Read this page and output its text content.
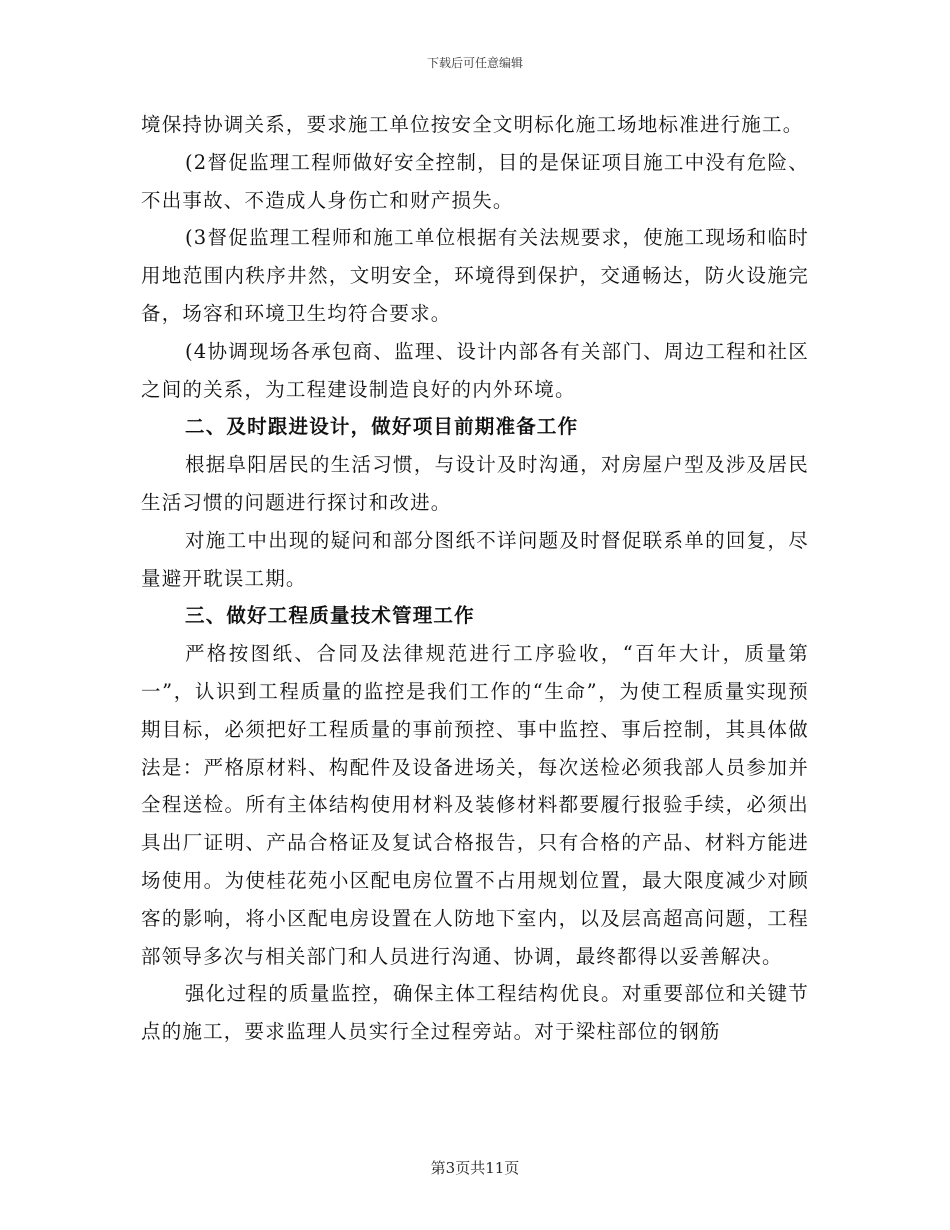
下载后可任意编辑

境保持协调关系，要求施工单位按安全文明标化施工场地标准进行施工。

(2督促监理工程师做好安全控制，目的是保证项目施工中没有危险、不出事故、不造成人身伤亡和财产损失。

(3督促监理工程师和施工单位根据有关法规要求，使施工现场和临时用地范围内秩序井然，文明安全，环境得到保护，交通畅达，防火设施完备，场容和环境卫生均符合要求。

(4协调现场各承包商、监理、设计内部各有关部门、周边工程和社区之间的关系，为工程建设制造良好的内外环境。

二、及时跟进设计，做好项目前期准备工作

根据阜阳居民的生活习惯，与设计及时沟通，对房屋户型及涉及居民生活习惯的问题进行探讨和改进。

对施工中出现的疑问和部分图纸不详问题及时督促联系单的回复，尽量避开耽误工期。

三、做好工程质量技术管理工作

严格按图纸、合同及法律规范进行工序验收，“百年大计，质量第一”，认识到工程质量的监控是我们工作的“生命”，为使工程质量实现预期目标，必须把好工程质量的事前预控、事中监控、事后控制，其具体做法是：严格原材料、构配件及设备进场关，每次送检必须我部人员参加并全程送检。所有主体结构使用材料及装修材料都要履行报验手续，必须出具出厂证明、产品合格证及复试合格报告，只有合格的产品、材料方能进场使用。为使桂花苑小区配电房位置不占用规划位置，最大限度减少对顾客的影响，将小区配电房设置在人防地下室内，以及层高超高问题，工程部领导多次与相关部门和人员进行沟通、协调，最终都得以妥善解决。

强化过程的质量监控，确保主体工程结构优良。对重要部位和关键节点的施工，要求监理人员实行全过程旁站。对于梁柱部位的钢筋

第3页共11页
